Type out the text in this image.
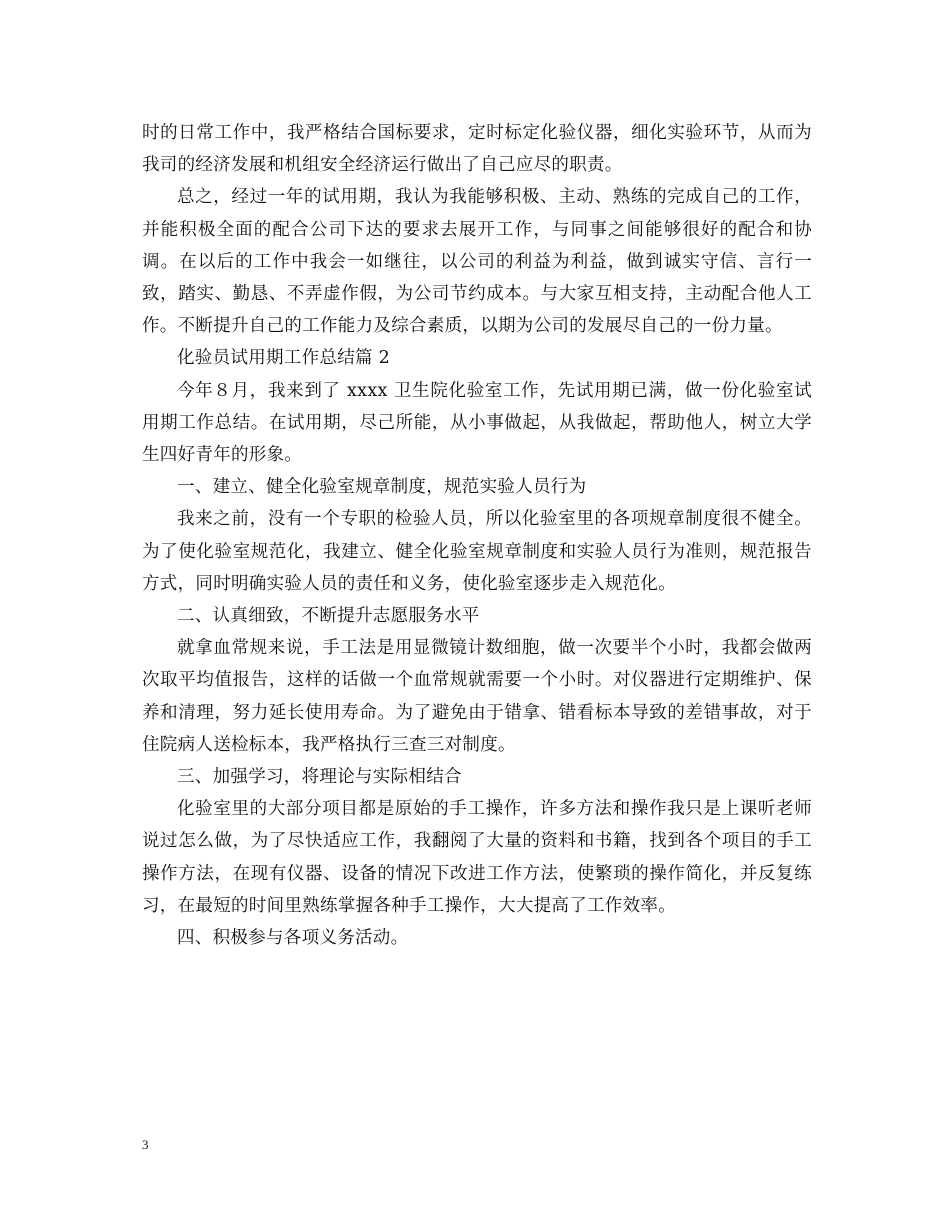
时的日常工作中，我严格结合国标要求，定时标定化验仪器，细化实验环节，从而为我司的经济发展和机组安全经济运行做出了自己应尽的职责。

总之，经过一年的试用期，我认为我能够积极、主动、熟练的完成自己的工作，并能积极全面的配合公司下达的要求去展开工作，与同事之间能够很好的配合和协调。在以后的工作中我会一如继往，以公司的利益为利益，做到诚实守信、言行一致，踏实、勤恳、不弄虚作假，为公司节约成本。与大家互相支持，主动配合他人工作。不断提升自己的工作能力及综合素质，以期为公司的发展尽自己的一份力量。

化验员试用期工作总结篇 2

今年８月，我来到了 xxxx 卫生院化验室工作，先试用期已满，做一份化验室试用期工作总结。在试用期，尽己所能，从小事做起，从我做起，帮助他人，树立大学生四好青年的形象。

一、建立、健全化验室规章制度，规范实验人员行为

我来之前，没有一个专职的检验人员，所以化验室里的各项规章制度很不健全。为了使化验室规范化，我建立、健全化验室规章制度和实验人员行为准则，规范报告方式，同时明确实验人员的责任和义务，使化验室逐步走入规范化。

二、认真细致，不断提升志愿服务水平

就拿血常规来说，手工法是用显微镜计数细胞，做一次要半个小时，我都会做两次取平均值报告，这样的话做一个血常规就需要一个小时。对仪器进行定期维护、保养和清理，努力延长使用寿命。为了避免由于错拿、错看标本导致的差错事故，对于住院病人送检标本，我严格执行三查三对制度。

三、加强学习，将理论与实际相结合

化验室里的大部分项目都是原始的手工操作，许多方法和操作我只是上课听老师说过怎么做，为了尽快适应工作，我翻阅了大量的资料和书籍，找到各个项目的手工操作方法，在现有仪器、设备的情况下改进工作方法，使繁琐的操作简化，并反复练习，在最短的时间里熟练掌握各种手工操作，大大提高了工作效率。

四、积极参与各项义务活动。

3
